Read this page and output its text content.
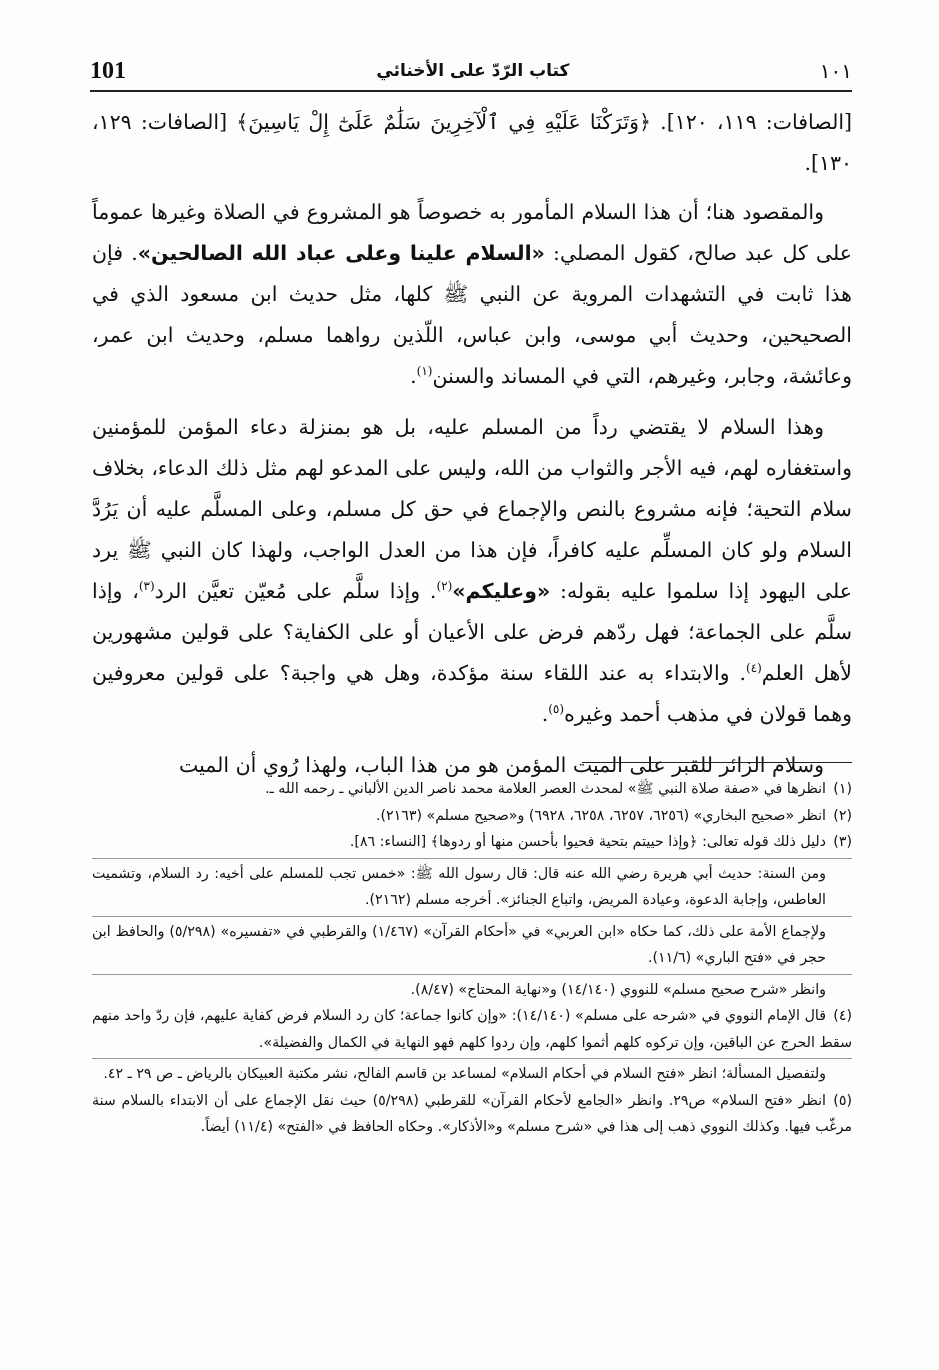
101	كتاب الرّدّ على الأخنائي	١٠١

[الصافات: ١١٩، ١٢٠]. ﴿وَتَرَكْنَا عَلَيْهِ فِي ٱلْآخِرِينَ سَلَٰمٌ عَلَىٰٓ إِلْ يَاسِينَ﴾ [الصافات: ١٢٩، ١٣٠].

والمقصود هنا؛ أن هذا السلام المأمور به خصوصاً هو المشروع في الصلاة وغيرها عموماً على كل عبد صالح، كقول المصلي: «السلام علينا وعلى عباد الله الصالحين». فإن هذا ثابت في التشهدات المروية عن النبي ﷺ كلها، مثل حديث ابن مسعود الذي في الصحيحين، وحديث أبي موسى، وابن عباس، اللّذين رواهما مسلم، وحديث ابن عمر، وعائشة، وجابر، وغيرهم، التي في المساند والسنن$^{(١)}$.

وهذا السلام لا يقتضي رداً من المسلم عليه، بل هو بمنزلة دعاء المؤمن للمؤمنين واستغفاره لهم، فيه الأجر والثواب من الله، وليس على المدعو لهم مثل ذلك الدعاء، بخلاف سلام التحية؛ فإنه مشروع بالنص والإجماع في حق كل مسلم، وعلى المسلَّم عليه أن يَرُدَّ السلام ولو كان المسلِّم عليه كافراً، فإن هذا من العدل الواجب، ولهذا كان النبي ﷺ يرد على اليهود إذا سلموا عليه بقوله: «وعليكم»$^{(٢)}$. وإذا سلَّم على مُعيّن تعيَّن الرد$^{(٣)}$، وإذا سلَّم على الجماعة؛ فهل ردّهم فرض على الأعيان أو على الكفاية؟ على قولين مشهورين لأهل العلم$^{(٤)}$. والابتداء به عند اللقاء سنة مؤكدة، وهل هي واجبة؟ على قولين معروفين وهما قولان في مذهب أحمد وغيره$^{(٥)}$.

وسلام الزائر للقبر على الميت المؤمن هو من هذا الباب، ولهذا رُوي أن الميت

(١)انظرها في «صفة صلاة النبي ﷺ» لمحدث العصر العلامة محمد ناصر الدين الألباني ـ رحمه الله ـ.

(٢)انظر «صحيح البخاري» (٦٢٥٦، ٦٢٥٧، ٦٢٥٨، ٦٩٢٨) و«صحيح مسلم» (٢١٦٣).

(٣)دليل ذلك قوله تعالى: ﴿وإذا حييتم بتحية فحيوا بأحسن منها أو ردوها﴾ [النساء: ٨٦].

ومن السنة: حديث أبي هريرة رضي الله عنه قال: قال رسول الله ﷺ: «خمس تجب للمسلم على أخيه: رد السلام، وتشميت العاطس، وإجابة الدعوة، وعيادة المريض، واتباع الجنائز». أخرجه مسلم (٢١٦٢).

ولإجماع الأمة على ذلك، كما حكاه «ابن العربي» في «أحكام القرآن» (١/٤٦٧) والقرطبي في «تفسيره» (٥/٢٩٨) والحافظ ابن حجر في «فتح الباري» (١١/٦).

وانظر «شرح صحيح مسلم» للنووي (١٤/١٤٠) و«نهاية المحتاج» (٨/٤٧).

(٤)قال الإمام النووي في «شرحه على مسلم» (١٤/١٤٠): «وإن كانوا جماعة؛ كان رد السلام فرض كفاية عليهم، فإن ردّ واحد منهم سقط الحرج عن الباقين، وإن تركوه كلهم أثموا كلهم، وإن ردوا كلهم فهو النهاية في الكمال والفضيلة».

ولتفصيل المسألة؛ انظر «فتح السلام في أحكام السلام» لمساعد بن قاسم الفالح، نشر مكتبة العبيكان بالرياض ـ ص ٢٩ ـ ٤٢.

(٥)انظر «فتح السلام» ص٢٩. وانظر «الجامع لأحكام القرآن» للقرطبي (٥/٢٩٨) حيث نقل الإجماع على أن الابتداء بالسلام سنة مرغّب فيها. وكذلك النووي ذهب إلى هذا في «شرح مسلم» و«الأذكار». وحكاه الحافظ في «الفتح» (١١/٤) أيضاً.
